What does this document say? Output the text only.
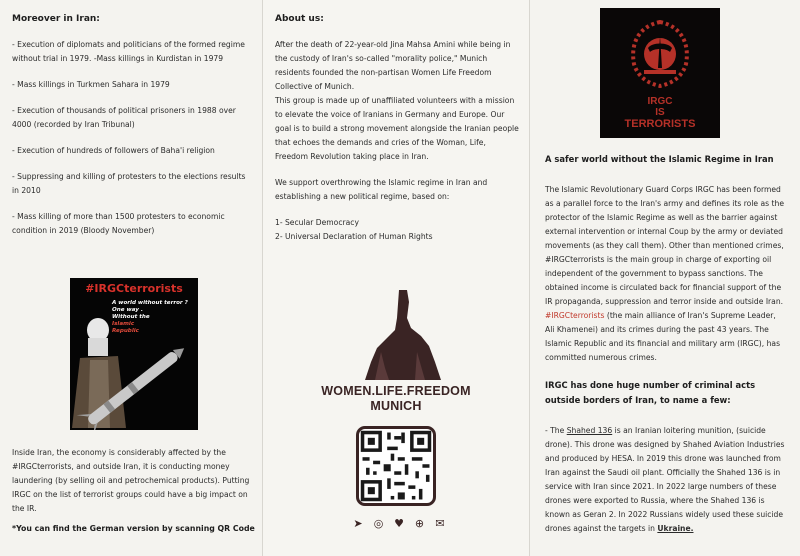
Moreover in Iran:
- Execution of diplomats and politicians of the formed regime without trial in 1979. -Mass killings in Kurdistan in 1979
- Mass killings in Turkmen Sahara in 1979
- Execution of thousands of political prisoners in 1988 over 4000 (recorded by Iran Tribunal)
- Execution of hundreds of followers of Baha'i religion
- Suppressing and killing of protesters to the elections results in 2010
- Mass killing of more than 1500 protesters to economic condition in 2019 (Bloody November)
#IRGCterrorists
A world without terror ?
One way .
Without the
Islamic
Republic
Inside Iran, the economy is considerably affected by the #IRGCterrorists, and outside Iran, it is conducting money laundering (by selling oil and petrochemical products). Putting IRGC on the list of terrorist groups could have a big impact on the IR.
*You can find the German version by scanning QR Code
About us:
After the death of 22-year-old Jina Mahsa Amini while being in the custody of Iran's so-called "morality police," Munich residents founded the non-partisan Women Life Freedom Collective of Munich.
This group is made up of unaffiliated volunteers with a mission to elevate the voice of Iranians in Germany and Europe. Our goal is to build a strong movement alongside the Iranian people that echoes the demands and cries of the Woman, Life, Freedom Revolution taking place in Iran.
We support overthrowing the Islamic regime in Iran and establishing a new political regime, based on:
1- Secular Democracy
2- Universal Declaration of Human Rights
WOMEN.LIFE.FREEDOM
MUNICH
➤ ◎ ♥ ⊕ ✉
IRGC
IS
TERRORISTS
A safer world without the Islamic Regime in Iran
The Islamic Revolutionary Guard Corps IRGC has been formed as a parallel force to the Iran's army and defines its role as the protector of the Islamic Regime as well as the barrier against external intervention or internal Coup by the army or deviated movements (as they call them). Other than mentioned crimes, #IRGCterrorists is the main group in charge of exporting oil independent of the government to bypass sanctions. The obtained income is circulated back for financial support of the IR propaganda, suppression and terror inside and outside Iran. #IRGCterrorists (the main alliance of Iran's Supreme Leader, Ali Khamenei) and its crimes during the past 43 years. The Islamic Republic and its financial and military arm (IRGC), has committed numerous crimes.
IRGC has done huge number of criminal acts outside borders of Iran, to name a few:
- The Shahed 136 is an Iranian loitering munition, (suicide drone). This drone was designed by Shahed Aviation Industries and produced by HESA. In 2019 this drone was launched from Iran against the Saudi oil plant. Officially the Shahed 136 is in service with Iran since 2021. In 2022 large numbers of these drones were exported to Russia, where the Shahed 136 is known as Geran 2. In 2022 Russians widely used these suicide drones against the targets in Ukraine.
